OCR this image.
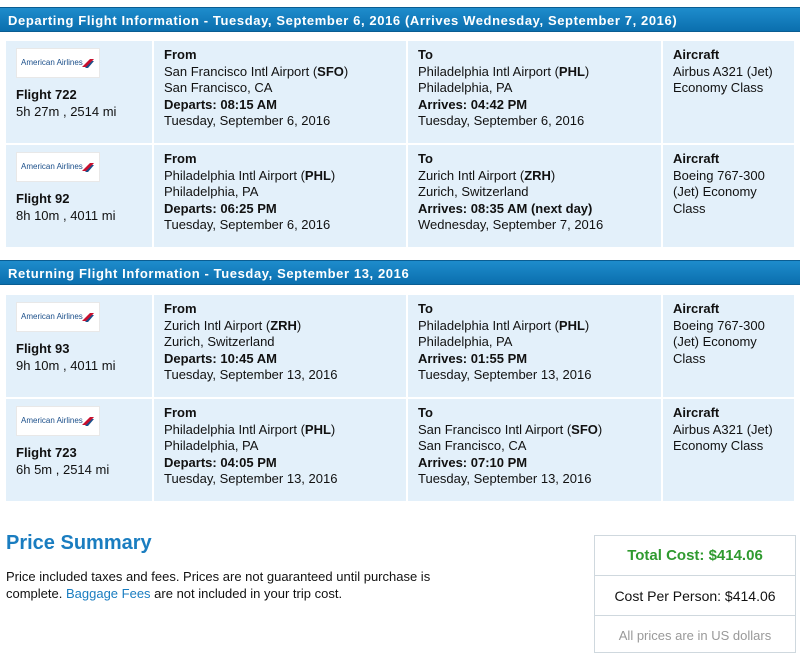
Departing Flight Information - Tuesday, September 6, 2016 (Arrives Wednesday, September 7, 2016)
American Airlines
Flight 722
5h 27m , 2514 mi
From
San Francisco Intl Airport (SFO)
San Francisco, CA
Departs: 08:15 AM
Tuesday, September 6, 2016
To
Philadelphia Intl Airport (PHL)
Philadelphia, PA
Arrives: 04:42 PM
Tuesday, September 6, 2016
Aircraft
Airbus A321 (Jet) Economy Class
American Airlines
Flight 92
8h 10m , 4011 mi
From
Philadelphia Intl Airport (PHL)
Philadelphia, PA
Departs: 06:25 PM
Tuesday, September 6, 2016
To
Zurich Intl Airport (ZRH)
Zurich, Switzerland
Arrives: 08:35 AM (next day)
Wednesday, September 7, 2016
Aircraft
Boeing 767-300 (Jet) Economy Class
Returning Flight Information - Tuesday, September 13, 2016
American Airlines
Flight 93
9h 10m , 4011 mi
From
Zurich Intl Airport (ZRH)
Zurich, Switzerland
Departs: 10:45 AM
Tuesday, September 13, 2016
To
Philadelphia Intl Airport (PHL)
Philadelphia, PA
Arrives: 01:55 PM
Tuesday, September 13, 2016
Aircraft
Boeing 767-300 (Jet) Economy Class
American Airlines
Flight 723
6h 5m , 2514 mi
From
Philadelphia Intl Airport (PHL)
Philadelphia, PA
Departs: 04:05 PM
Tuesday, September 13, 2016
To
San Francisco Intl Airport (SFO)
San Francisco, CA
Arrives: 07:10 PM
Tuesday, September 13, 2016
Aircraft
Airbus A321 (Jet) Economy Class
Price Summary
Price included taxes and fees. Prices are not guaranteed until purchase is complete. Baggage Fees are not included in your trip cost.
Total Cost: $414.06
Cost Per Person: $414.06
All prices are in US dollars
